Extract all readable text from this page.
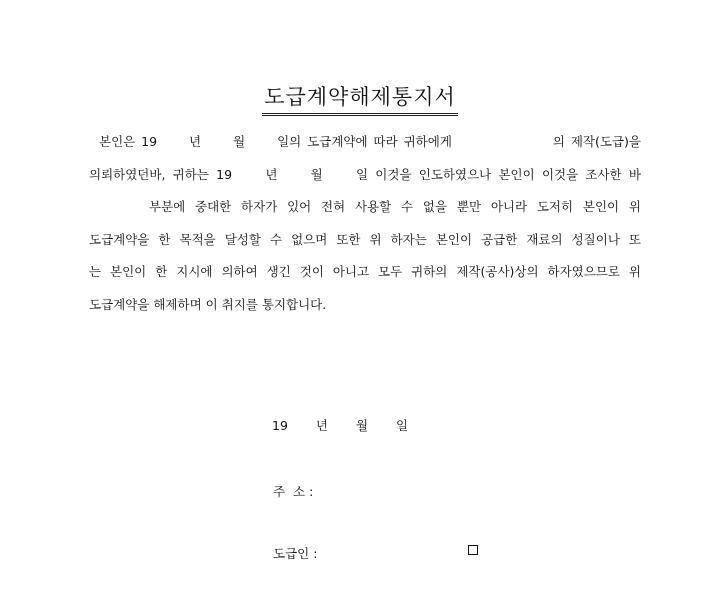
도급계약해제통지서
본인은 19	년	월	일의 도급계약에 따라 귀하에게	의 제작(도급)을
의뢰하였던바, 귀하는 19	년	월	일 이것을 인도하였으나 본인이 이것을 조사한 바
부분에 중대한 하자가 있어 전혀 사용할 수 없을 뿐만 아니라 도저히 본인이 위
도급계약을 한 목적을 달성할 수 없으며 또한 위 하자는 본인이 공급한 재료의 성질이나 또
는 본인이 한 지시에 의하여 생긴 것이 아니고 모두 귀하의 제작(공사)상의 하자였으므로 위
도급계약을 해제하며 이 취지를 통지합니다.
19 년 월 일
주  소 :
도급인 :
